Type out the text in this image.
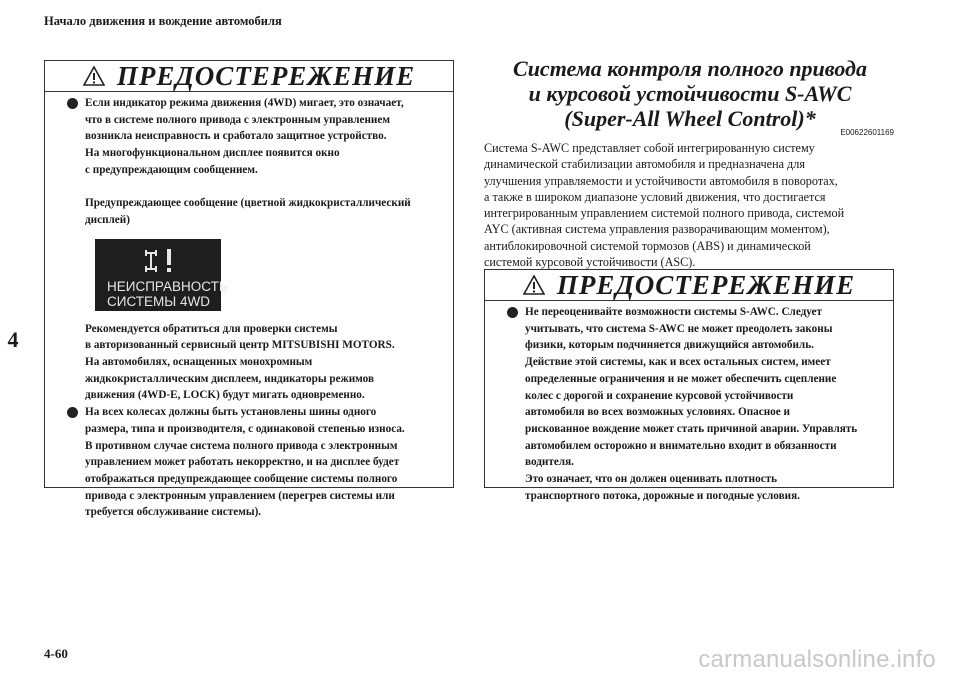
Начало движения и вождение автомобиля
4
ПРЕДОСТЕРЕЖЕНИЕ
Если индикатор режима движения (4WD) мигает, это означает,
что в системе полного привода с электронным управлением
возникла неисправность и сработало защитное устройство.
На многофункциональном дисплее появится окно
с предупреждающим сообщением.
Предупреждающее сообщение (цветной жидкокристаллический
дисплей)
НЕИСПРАВНОСТЬ
СИСТЕМЫ 4WD
Рекомендуется обратиться для проверки системы
в авторизованный сервисный центр MITSUBISHI MOTORS.
На автомобилях, оснащенных монохромным
жидкокристаллическим дисплеем, индикаторы режимов
движения (4WD-E, LOCK) будут мигать одновременно.
На всех колесах должны быть установлены шины одного
размера, типа и производителя, с одинаковой степенью износа.
В противном случае система полного привода с электронным
управлением может работать некорректно, и на дисплее будет
отображаться предупреждающее сообщение системы полного
привода с электронным управлением (перегрев системы или
требуется обслуживание системы).
Система контроля полного привода
и курсовой устойчивости S-AWC
(Super-All Wheel Control)*
E00622601169
Система S-AWC представляет собой интегрированную систему
динамической стабилизации автомобиля и предназначена для
улучшения управляемости и устойчивости автомобиля в поворотах,
а также в широком диапазоне условий движения, что достигается
интегрированным управлением системой полного привода, системой
AYC (активная система управления разворачивающим моментом),
антиблокировочной системой тормозов (ABS) и динамической
системой курсовой устойчивости (ASC).
ПРЕДОСТЕРЕЖЕНИЕ
Не переоценивайте возможности системы S-AWC. Следует
учитывать, что система S-AWC не может преодолеть законы
физики, которым подчиняется движущийся автомобиль.
Действие этой системы, как и всех остальных систем, имеет
определенные ограничения и не может обеспечить сцепление
колес с дорогой и сохранение курсовой устойчивости
автомобиля во всех возможных условиях. Опасное и
рискованное вождение может стать причиной аварии. Управлять
автомобилем осторожно и внимательно входит в обязанности
водителя.
Это означает, что он должен оценивать плотность
транспортного потока, дорожные и погодные условия.
4-60	carmanualsonline.info
